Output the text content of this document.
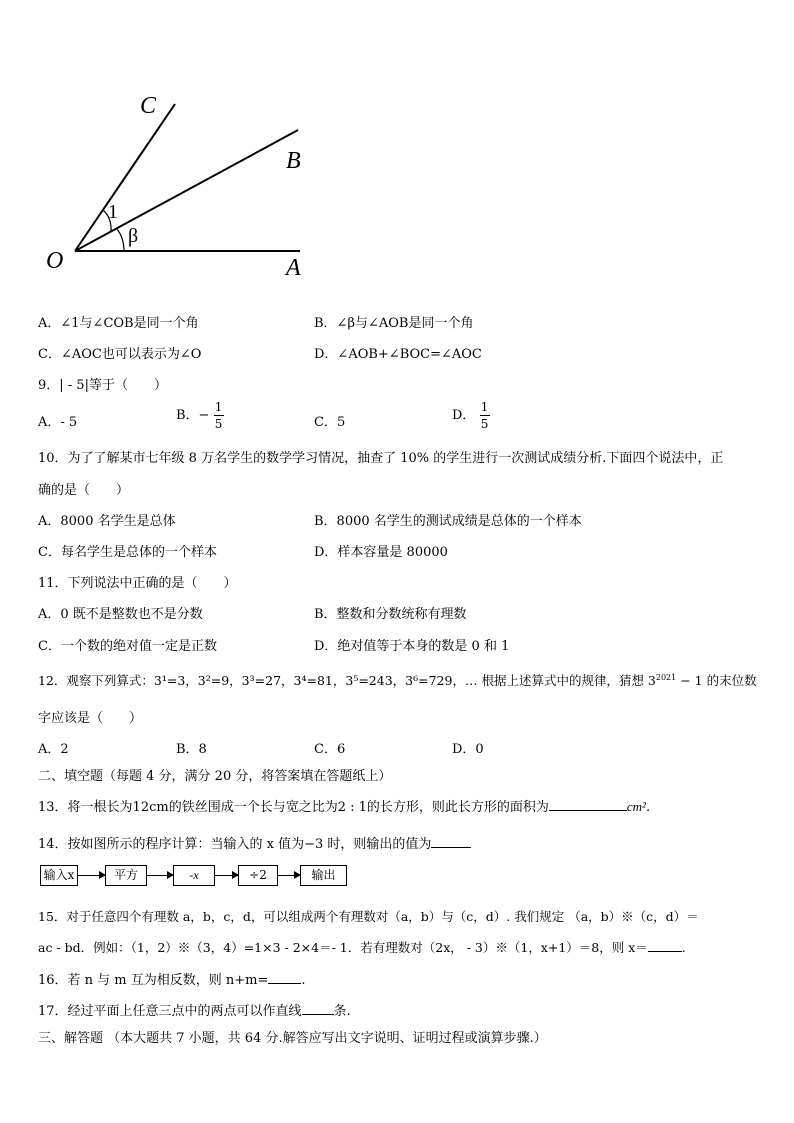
C
B
O	A
1
β
A．∠1与∠COB是同一个角	B．∠β与∠AOB是同一个角
C．∠AOC也可以表示为∠O	D．∠AOB+∠BOC=∠AOC
9．| - 5|等于（　　）
A．- 5	B．− $\frac{1}{5}$	C．5	D． $\frac{1}{5}$
10．为了了解某市七年级 8 万名学生的数学学习情况，抽查了 10% 的学生进行一次测试成绩分析.下面四个说法中，正
确的是（　　）
A．8000 名学生是总体	B．8000 名学生的测试成绩是总体的一个样本
C．每名学生是总体的一个样本	D．样本容量是 80000
11．下列说法中正确的是（　　）
A．0 既不是整数也不是分数	B．整数和分数统称有理数
C．一个数的绝对值一定是正数	D．绝对值等于本身的数是 0 和 1
12．观察下列算式：3¹=3，3²=9，3³=27，3⁴=81，3⁵=243，3⁶=729，… 根据上述算式中的规律，猜想 $3^{2021} - 1$ 的末位数
字应该是（　　）
A．2	B．8	C．6	D．0
二、填空题（每题 4 分，满分 20 分，将答案填在答题纸上）
13．将一根长为12cm的铁丝围成一个长与宽之比为2 : 1的长方形，则此长方形的面积为	cm².
14．按如图所示的程序计算：当输入的 x 值为−3 时，则输出的值为
输入x	平方	-x	÷2	输出
15．对于任意四个有理数 a，b，c，d，可以组成两个有理数对（a，b）与（c，d）. 我们规定 （a，b）※（c，d）＝
ac - bd．例如：（1，2）※（3，4）=1×3 - 2×4＝- 1．若有理数对（2x， - 3）※（1，x+1）＝8，则 x＝	.
16．若 n 与 m 互为相反数，则 n+m=	.
17．经过平面上任意三点中的两点可以作直线 条.
三、解答题 （本大题共 7 小题，共 64 分.解答应写出文字说明、证明过程或演算步骤.）
